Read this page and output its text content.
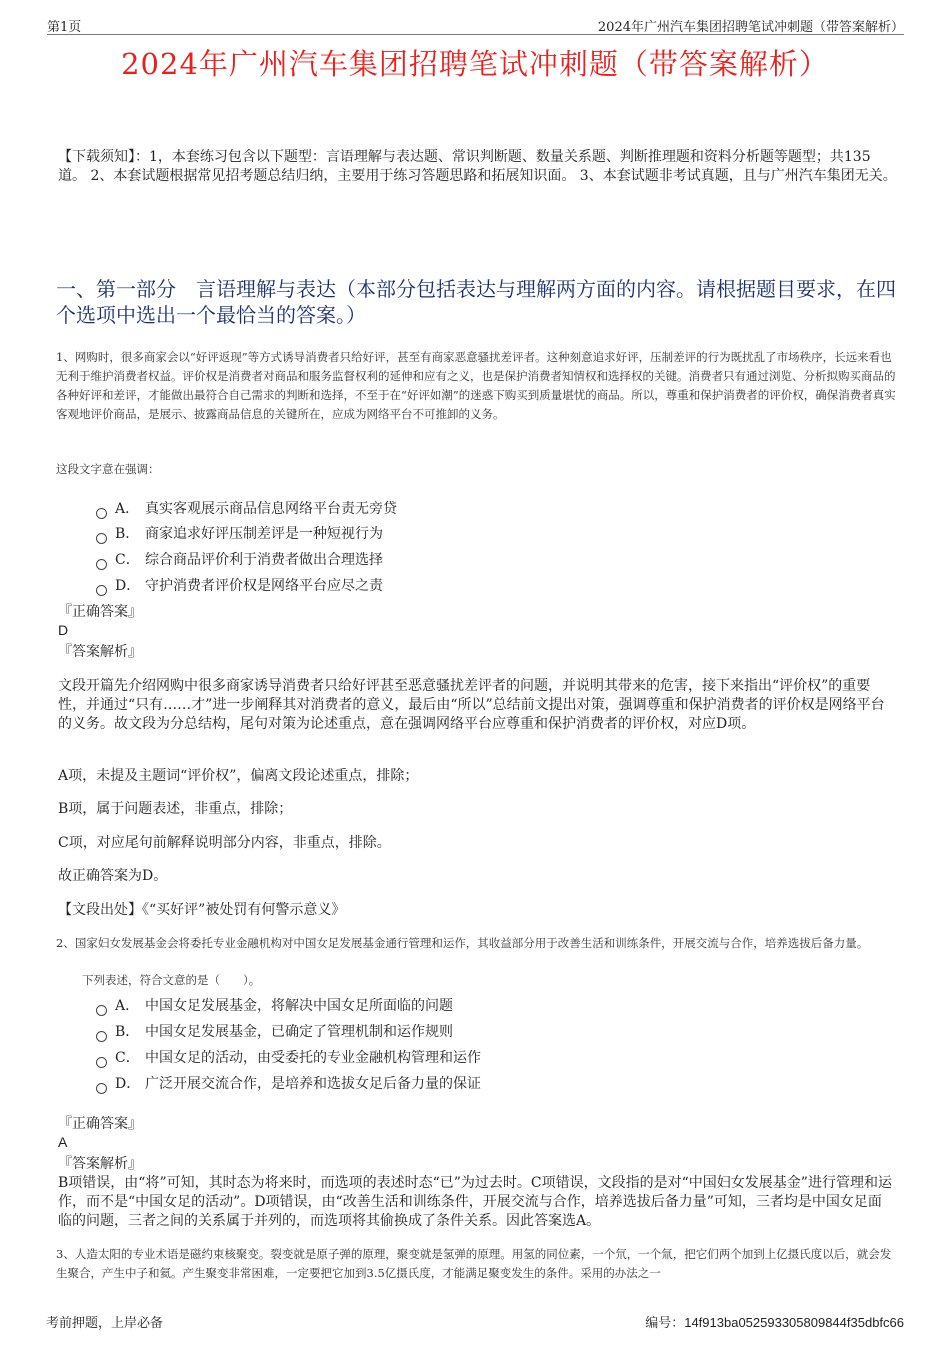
第1页	2024年广州汽车集团招聘笔试冲刺题（带答案解析）
2024年广州汽车集团招聘笔试冲刺题（带答案解析）
【下载须知】：1，本套练习包含以下题型：言语理解与表达题、常识判断题、数量关系题、判断推理题和资料分析题等题型；共135道。 2、本套试题根据常见招考题总结归纳，主要用于练习答题思路和拓展知识面。 3、本套试题非考试真题，且与广州汽车集团无关。
一、第一部分　言语理解与表达（本部分包括表达与理解两方面的内容。请根据题目要求，在四个选项中选出一个最恰当的答案。）
1、网购时，很多商家会以“好评返现”等方式诱导消费者只给好评，甚至有商家恶意骚扰差评者。这种刻意追求好评，压制差评的行为既扰乱了市场秩序，长远来看也无利于维护消费者权益。评价权是消费者对商品和服务监督权利的延伸和应有之义，也是保护消费者知情权和选择权的关键。消费者只有通过浏览、分析拟购买商品的各种好评和差评，才能做出最符合自己需求的判断和选择，不至于在“好评如潮”的迷惑下购买到质量堪忧的商品。所以，尊重和保护消费者的评价权，确保消费者真实客观地评价商品，是展示、披露商品信息的关键所在，应成为网络平台不可推卸的义务。
这段文字意在强调：
A． 真实客观展示商品信息网络平台责无旁贷
B． 商家追求好评压制差评是一种短视行为
C． 综合商品评价利于消费者做出合理选择
D． 守护消费者评价权是网络平台应尽之责
『正确答案』
D
『答案解析』
文段开篇先介绍网购中很多商家诱导消费者只给好评甚至恶意骚扰差评者的问题，并说明其带来的危害，接下来指出“评价权”的重要性，并通过“只有……才”进一步阐释其对消费者的意义，最后由“所以”总结前文提出对策，强调尊重和保护消费者的评价权是网络平台的义务。故文段为分总结构，尾句对策为论述重点，意在强调网络平台应尊重和保护消费者的评价权，对应D项。
A项，未提及主题词“评价权”，偏离文段论述重点，排除；
B项，属于问题表述，非重点，排除；
C项，对应尾句前解释说明部分内容，非重点，排除。
故正确答案为D。
【文段出处】《“买好评”被处罚有何警示意义》
2、国家妇女发展基金会将委托专业金融机构对中国女足发展基金通行管理和运作，其收益部分用于改善生活和训练条件，开展交流与合作，培养选拔后备力量。
下列表述，符合文意的是（　　）。
A． 中国女足发展基金，将解决中国女足所面临的问题
B． 中国女足发展基金，已确定了管理机制和运作规则
C． 中国女足的活动，由受委托的专业金融机构管理和运作
D． 广泛开展交流合作，是培养和选拔女足后备力量的保证
『正确答案』
A
『答案解析』
B项错误，由“将”可知，其时态为将来时，而选项的表述时态“已”为过去时。C项错误，文段指的是对“中国妇女发展基金”进行管理和运作，而不是“中国女足的活动”。D项错误，由“改善生活和训练条件，开展交流与合作，培养选拔后备力量”可知，三者均是中国女足面临的问题，三者之间的关系属于并列的，而选项将其偷换成了条件关系。因此答案选A。
3、人造太阳的专业术语是磁约束核聚变。裂变就是原子弹的原理，聚变就是氢弹的原理。用氢的同位素，一个氘，一个氚，把它们两个加到上亿摄氏度以后，就会发生聚合，产生中子和氦。产生聚变非常困难，一定要把它加到3.5亿摄氏度，才能满足聚变发生的条件。采用的办法之一
考前押题，上岸必备	编号：14f913ba052593305809844f35dbfc66
